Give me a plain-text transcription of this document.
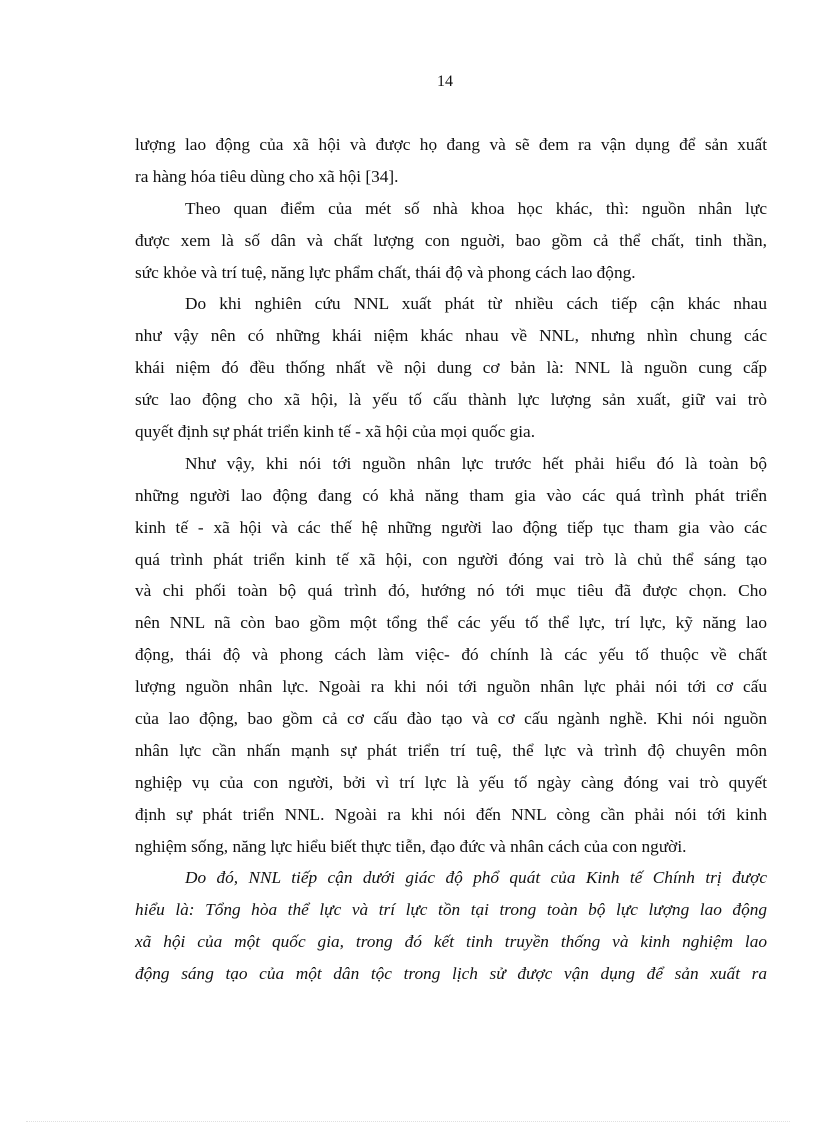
14
lượng lao động của xã hội và được họ đang và sẽ đem ra vận dụng để sản xuất
ra hàng hóa tiêu dùng cho xã hội [34].
Theo quan điểm của mét số nhà khoa học khác, thì: nguồn nhân lực
được xem là số dân và chất lượng con nguời, bao gồm cả thể chất, tinh thần,
sức khỏe và trí tuệ, năng lực phẩm chất, thái độ và phong cách lao động.
Do khi nghiên cứu NNL xuất phát từ nhiều cách tiếp cận khác nhau
như vậy nên có những khái niệm khác nhau về NNL, nhưng nhìn chung các
khái niệm đó đều thống nhất về nội dung cơ bản là: NNL là nguồn cung cấp
sức lao động cho xã hội, là yếu tố cấu thành lực lượng sản xuất, giữ vai trò
quyết định sự phát triển kinh tế - xã hội của mọi quốc gia.
Như vậy, khi nói tới nguồn nhân lực trước hết phải hiểu đó là toàn bộ
những người lao động đang có khả năng tham gia vào các quá trình phát triển
kinh tế - xã hội và các thế hệ những người lao động tiếp tục tham gia vào các
quá trình phát triển kinh tế xã hội, con người đóng vai trò là chủ thể sáng tạo
và chi phối toàn bộ quá trình đó, hướng nó tới mục tiêu đã được chọn. Cho
nên NNL nã còn bao gồm một tổng thể các yếu tố thể lực, trí lực, kỹ năng lao
động, thái độ và phong cách làm việc- đó chính là các yếu tố thuộc về chất
lượng nguồn nhân lực. Ngoài ra khi nói tới nguồn nhân lực phải nói tới cơ cấu
của lao động, bao gồm cả cơ cấu đào tạo và cơ cấu ngành nghề. Khi nói nguồn
nhân lực cần nhấn mạnh sự phát triển trí tuệ, thể lực và trình độ chuyên môn
nghiệp vụ của con người, bởi vì trí lực là yếu tố ngày càng đóng vai trò quyết
định sự phát triển NNL. Ngoài ra khi nói đến NNL còng cần phải nói tới kinh
nghiệm sống, năng lực hiểu biết thực tiễn, đạo đức và nhân cách của con người.
Do đó, NNL tiếp cận dưới giác độ phổ quát của Kinh tế Chính trị được
hiểu là: Tổng hòa thể lực và trí lực tồn tại trong toàn bộ lực lượng lao động
xã hội của một quốc gia, trong đó kết tinh truyền thống và kinh nghiệm lao
động sáng tạo của một dân tộc trong lịch sử được vận dụng để sản xuất ra
